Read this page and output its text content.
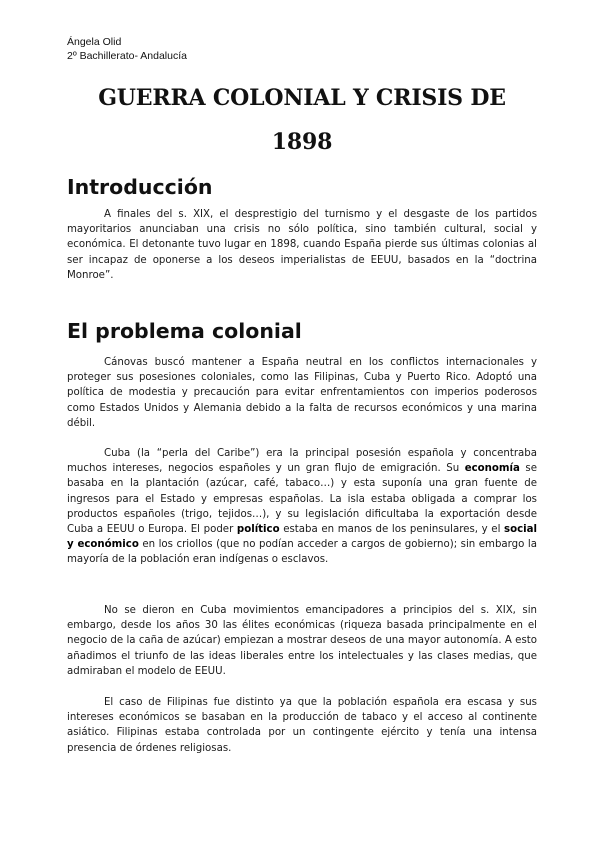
Ángela Olid
2º Bachillerato- Andalucía
GUERRA COLONIAL Y CRISIS DE
1898
Introducción

A finales del s. XIX, el desprestigio del turnismo y el desgaste de los partidos mayoritarios anunciaban una crisis no sólo política, sino también cultural, social y económica. El detonante tuvo lugar en 1898, cuando España pierde sus últimas colonias al ser incapaz de oponerse a los deseos imperialistas de EEUU, basados en la “doctrina Monroe”.

El problema colonial

Cánovas buscó mantener a España neutral en los conflictos internacionales y proteger sus posesiones coloniales, como las Filipinas, Cuba y Puerto Rico. Adoptó una política de modestia y precaución para evitar enfrentamientos con imperios poderosos como Estados Unidos y Alemania debido a la falta de recursos económicos y una marina débil.

Cuba (la “perla del Caribe”) era la principal posesión española y concentraba muchos intereses, negocios españoles y un gran flujo de emigración. Su economía se basaba en la plantación (azúcar, café, tabaco…) y esta suponía una gran fuente de ingresos para el Estado y empresas españolas. La isla estaba obligada a comprar los productos españoles (trigo, tejidos…), y su legislación dificultaba la exportación desde Cuba a EEUU o Europa. El poder político estaba en manos de los peninsulares, y el social y económico en los criollos (que no podían acceder a cargos de gobierno); sin embargo la mayoría de la población eran indígenas o esclavos.

No se dieron en Cuba movimientos emancipadores a principios del s. XIX, sin embargo, desde los años 30 las élites económicas (riqueza basada principalmente en el negocio de la caña de azúcar) empiezan a mostrar deseos de una mayor autonomía. A esto añadimos el triunfo de las ideas liberales entre los intelectuales y las clases medias, que admiraban el modelo de EEUU.

El caso de Filipinas fue distinto ya que la población española era escasa y sus intereses económicos se basaban en la producción de tabaco y el acceso al continente asiático. Filipinas estaba controlada por un contingente ejército y tenía una intensa presencia de órdenes religiosas.
